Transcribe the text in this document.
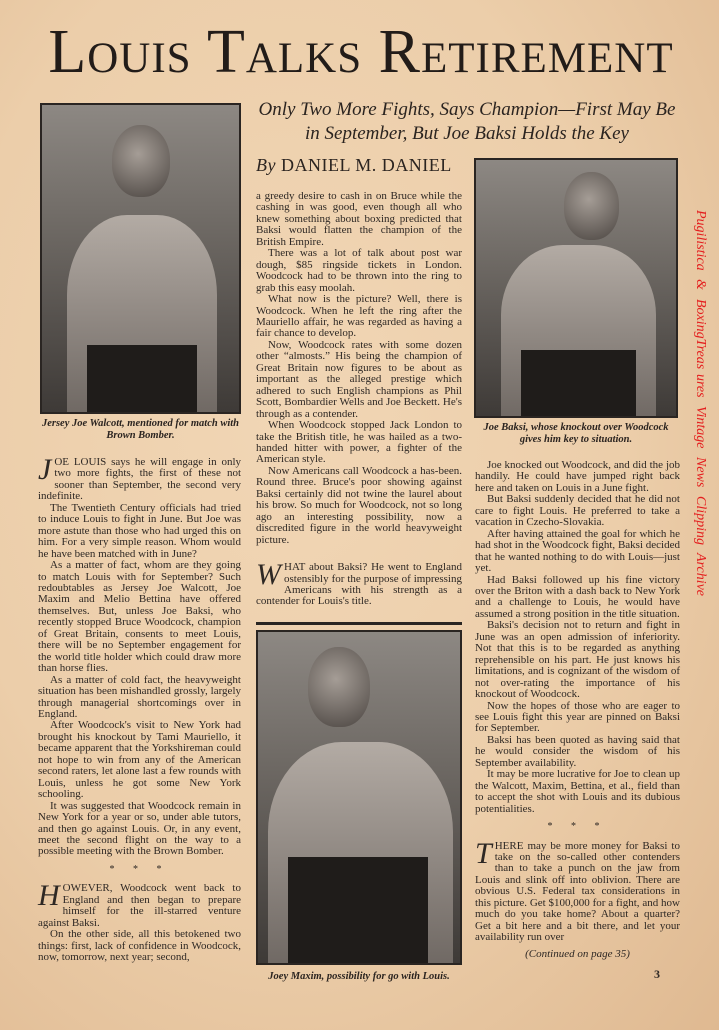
Louis Talks Retirement
Only Two More Fights, Says Champion—First May Be in September, But Joe Baksi Holds the Key
By DANIEL M. DANIEL
Jersey Joe Walcott, mentioned for match with Brown Bomber.
Joe Baksi, whose knockout over Woodcock gives him key to situation.

JOE LOUIS says he will engage in only two more fights, the first of these not sooner than September, the second very indefinite.

The Twentieth Century officials had tried to induce Louis to fight in June. But Joe was more astute than those who had urged this on him. For a very simple reason. Whom would he have been matched with in June?

As a matter of fact, whom are they going to match Louis with for September? Such redoubtables as Jersey Joe Walcott, Joe Maxim and Melio Bettina have offered themselves. But, unless Joe Baksi, who recently stopped Bruce Woodcock, champion of Great Britain, consents to meet Louis, there will be no September engagement for the world title holder which could draw more than horse flies.

As a matter of cold fact, the heavyweight situation has been mishandled grossly, largely through managerial shortcomings over in England.

After Woodcock's visit to New York had brought his knockout by Tami Mauriello, it became apparent that the Yorkshireman could not hope to win from any of the American second raters, let alone last a few rounds with Louis, unless he got some New York schooling.

It was suggested that Woodcock remain in New York for a year or so, under able tutors, and then go against Louis. Or, in any event, meet the second flight on the way to a possible meeting with the Brown Bomber.

* * *

HOWEVER, Woodcock went back to England and then began to prepare himself for the ill-starred venture against Baksi.

On the other side, all this betokened two things: first, lack of confidence in Woodcock, now, tomorrow, next year; second,

a greedy desire to cash in on Bruce while the cashing in was good, even though all who knew something about boxing predicted that Baksi would flatten the champion of the British Empire.

There was a lot of talk about post war dough, $85 ringside tickets in London. Woodcock had to be thrown into the ring to grab this easy moolah.

What now is the picture? Well, there is Woodcock. When he left the ring after the Mauriello affair, he was regarded as having a fair chance to develop.

Now, Woodcock rates with some dozen other “almosts.” His being the champion of Great Britain now figures to be about as important as the alleged prestige which adhered to such English champions as Phil Scott, Bombardier Wells and Joe Beckett. He's through as a contender.

When Woodcock stopped Jack London to take the British title, he was hailed as a two-handed hitter with power, a fighter of the American style.

Now Americans call Woodcock a has-been. Round three. Bruce's poor showing against Baksi certainly did not twine the laurel about his brow. So much for Woodcock, not so long ago an interesting possibility, now a discredited figure in the world heavyweight picture.

WHAT about Baksi? He went to England ostensibly for the purpose of impressing Americans with his strength as a contender for Louis's title.

Joey Maxim, possibility for go with Louis.
Pugilistica & BoxingTreasures Vintage News Clipping Archive

Joe knocked out Woodcock, and did the job handily. He could have jumped right back here and taken on Louis in a June fight.

But Baksi suddenly decided that he did not care to fight Louis. He preferred to take a vacation in Czecho-Slovakia.

After having attained the goal for which he had shot in the Woodcock fight, Baksi decided that he wanted nothing to do with Louis—just yet.

Had Baksi followed up his fine victory over the Briton with a dash back to New York and a challenge to Louis, he would have assumed a strong position in the title situation.

Baksi's decision not to return and fight in June was an open admission of inferiority. Not that this is to be regarded as anything reprehensible on his part. He just knows his limitations, and is cognizant of the wisdom of not over-rating the importance of his knockout of Woodcock.

Now the hopes of those who are eager to see Louis fight this year are pinned on Baksi for September.

Baksi has been quoted as having said that he would consider the wisdom of his September availability.

It may be more lucrative for Joe to clean up the Walcott, Maxim, Bettina, et al., field than to accept the shot with Louis and its dubious potentialities.

* * *

THERE may be more money for Baksi to take on the so-called other contenders than to take a punch on the jaw from Louis and slink off into oblivion. There are obvious U.S. Federal tax considerations in this picture. Get $100,000 for a fight, and how much do you take home? About a quarter? Get a bit here and a bit there, and let your availability run over

(Continued on page 35)
3
